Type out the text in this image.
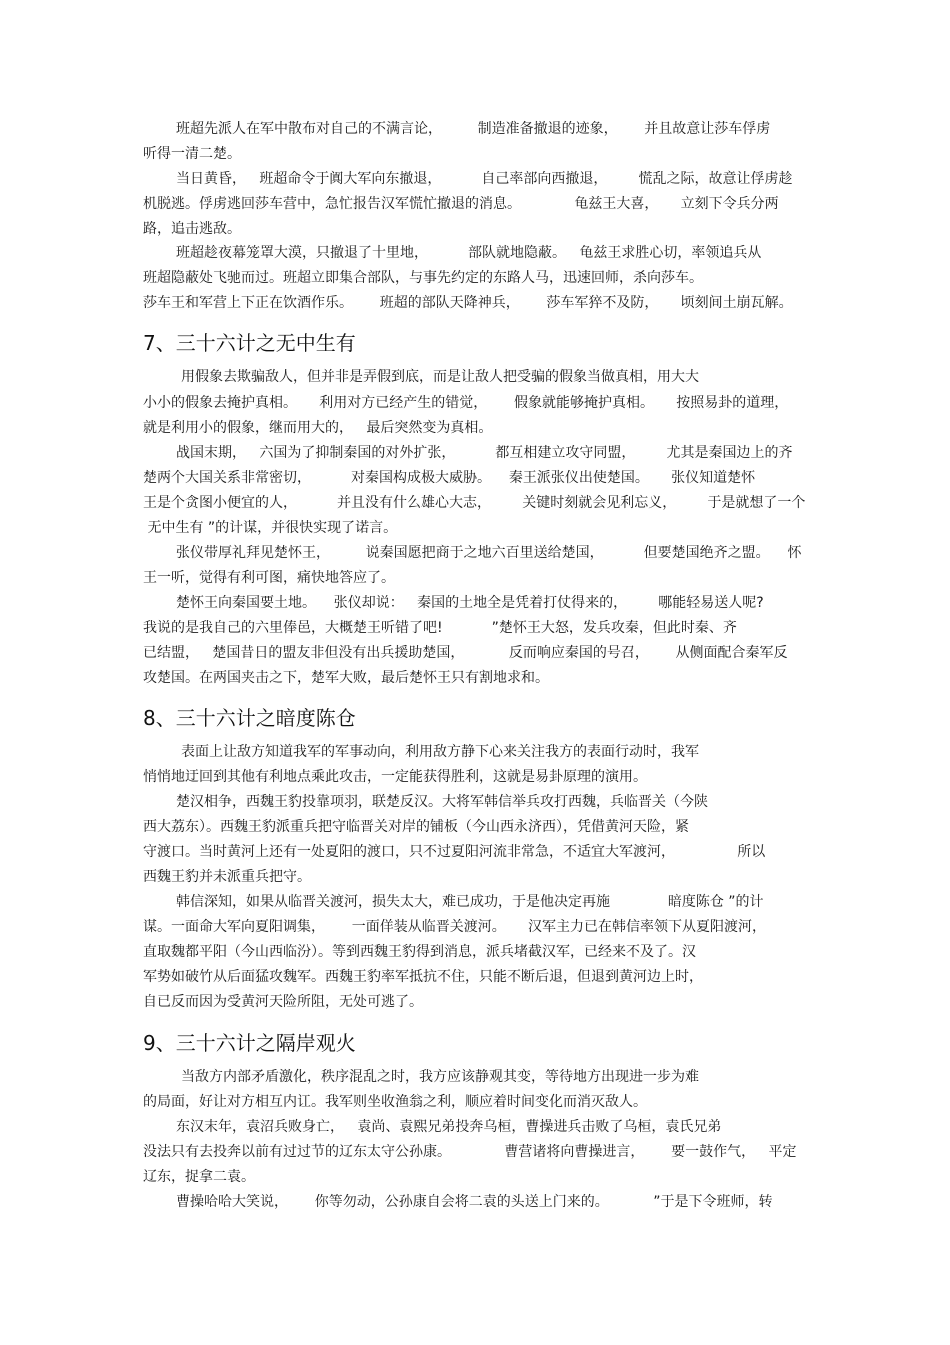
班超先派人在军中散布对自己的不满言论，        制造准备撤退的迹象，      并且故意让莎车俘虏
听得一清二楚。
当日黄昏，   班超命令于阗大军向东撤退，         自己率部向西撤退，       慌乱之际，故意让俘虏趁
机脱逃。俘虏逃回莎车营中，急忙报告汉军慌忙撤退的消息。            龟兹王大喜，     立刻下令兵分两
路，追击逃敌。
班超趁夜幕笼罩大漠，只撤退了十里地，         部队就地隐蔽。   龟兹王求胜心切，率领追兵从
班超隐蔽处飞驰而过。班超立即集合部队，与事先约定的东路人马，迅速回师，杀向莎车。
莎车王和军营上下正在饮酒作乐。      班超的部队天降神兵，      莎车军猝不及防，     顷刻间土崩瓦解。
7、三十六计之无中生有
用假象去欺骗敌人，但并非是弄假到底，而是让敌人把受骗的假象当做真相，用大大
小小的假象去掩护真相。     利用对方已经产生的错觉，      假象就能够掩护真相。     按照易卦的道理，
就是利用小的假象，继而用大的，   最后突然变为真相。
战国末期，   六国为了抑制秦国的对外扩张，         都互相建立攻守同盟，       尤其是秦国边上的齐
楚两个大国关系非常密切，         对秦国构成极大威胁。    秦王派张仪出使楚国。     张仪知道楚怀
王是个贪图小便宜的人，         并且没有什么雄心大志，       关键时刻就会见利忘义，       于是就想了一个
无中生有 ”的计谋，并很快实现了诺言。
张仪带厚礼拜见楚怀王，        说秦国愿把商于之地六百里送给楚国，         但要楚国绝齐之盟。    怀
王一听，觉得有利可图，痛快地答应了。
楚怀王向秦国要土地。    张仪却说：   秦国的土地全是凭着打仗得来的，       哪能轻易送人呢?
我说的是我自己的六里俸邑，大概楚王听错了吧!           ”楚怀王大怒，发兵攻秦，但此时秦、齐
已结盟，   楚国昔日的盟友非但没有出兵援助楚国，          反而响应秦国的号召，      从侧面配合秦军反
攻楚国。在两国夹击之下，楚军大败，最后楚怀王只有割地求和。
8、三十六计之暗度陈仓
表面上让敌方知道我军的军事动向，利用敌方静下心来关注我方的表面行动时，我军
悄悄地迂回到其他有利地点乘此攻击，一定能获得胜利，这就是易卦原理的演用。
楚汉相争，西魏王豹投靠项羽，联楚反汉。大将军韩信举兵攻打西魏，兵临晋关（今陕
西大荔东）。西魏王豹派重兵把守临晋关对岸的铺板（今山西永济西），凭借黄河天险，紧
守渡口。当时黄河上还有一处夏阳的渡口，只不过夏阳河流非常急，不适宜大军渡河，              所以
西魏王豹并未派重兵把守。
韩信深知，如果从临晋关渡河，损失太大，难已成功，于是他决定再施             暗度陈仓 ”的计
谋。一面命大军向夏阳调集，      一面佯装从临晋关渡河。     汉军主力已在韩信率领下从夏阳渡河，
直取魏都平阳（今山西临汾）。等到西魏王豹得到消息，派兵堵截汉军，已经来不及了。汉
军势如破竹从后面猛攻魏军。西魏王豹率军抵抗不住，只能不断后退，但退到黄河边上时，
自已反而因为受黄河天险所阻，无处可逃了。
9、三十六计之隔岸观火
当敌方内部矛盾激化，秩序混乱之时，我方应该静观其变，等待地方出现进一步为难
的局面，好让对方相互内讧。我军则坐收渔翁之利，顺应着时间变化而消灭敌人。
东汉末年，袁沼兵败身亡，   袁尚、袁熙兄弟投奔乌桓，曹操进兵击败了乌桓，袁氏兄弟
没法只有去投奔以前有过过节的辽东太守公孙康。            曹营诸将向曹操进言，      要一鼓作气，   平定
辽东，捉拿二袁。
曹操哈哈大笑说，      你等勿动，公孙康自会将二袁的头送上门来的。          ”于是下令班师，转
